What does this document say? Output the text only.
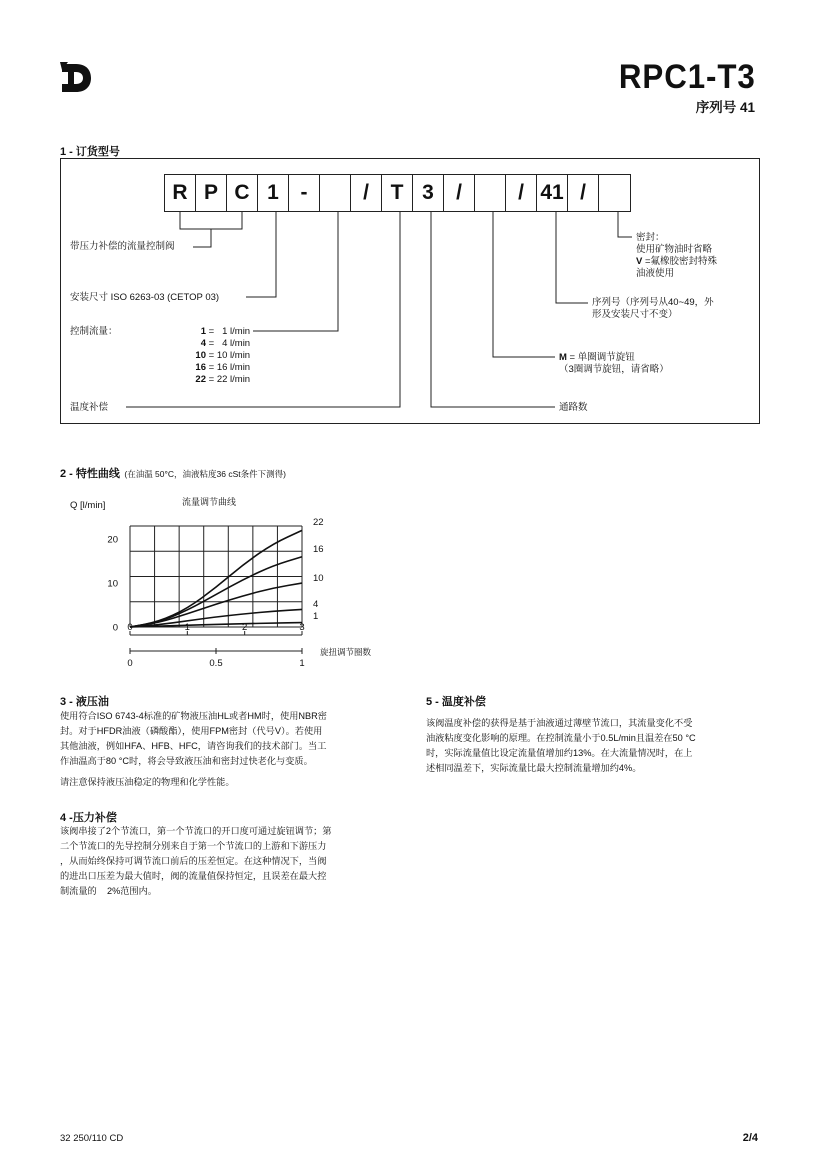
RPC1-T3
序列号 41
1 - 订货型号
R P C 1	-	/	T 3	/	/ 41 /
带压力补偿的流量控制阀
安装尺寸 ISO 6263-03 (CETOP 03)
控制流量：
温度补偿
1 =   1 l/min
4 =   4 l/min
10 = 10 l/min
16 = 16 l/min
22 = 22 l/min
密封：
使用矿物油时省略
V =氟橡胶密封特殊
油液使用
序列号（序列号从40~49，外
形及安装尺寸不变）
M = 单圈调节旋钮
（3圈调节旋钮，请省略）
通路数
2 - 特性曲线 (在油温 50°C，油液粘度36 cSt条件下测得)
流量调节曲线
Q [l/min]
0
10
20
0	1	2	3
0	0.5	1
旋扭调节圈数
22
16
10
4
1
3 - 液压油
使用符合ISO 6743-4标准的矿物液压油HL或者HM时，使用NBR密
封。对于HFDR油液（磷酸酯），使用FPM密封（代号V）。若使用
其他油液，例如HFA、HFB、HFC，请咨询我们的技术部门。当工
作油温高于80 °C时，将会导致液压油和密封过快老化与变质。
请注意保持液压油稳定的物理和化学性能。
4 -压力补偿
该阀串接了2个节流口，第一个节流口的开口度可通过旋钮调节；第
二个节流口的先导控制分别来自于第一个节流口的上游和下游压力
，从而始终保持可调节流口前后的压差恒定。在这种情况下，当阀
的进出口压差为最大值时，阀的流量值保持恒定，且误差在最大控
制流量的    2%范围内。
5 - 温度补偿
该阀温度补偿的获得是基于油液通过薄壁节流口，其流量变化不受
油液粘度变化影响的原理。在控制流量小于0.5L/min且温差在50 °C
时，实际流量值比设定流量值增加约13%。在大流量情况时，在上
述相同温差下，实际流量比最大控制流量增加约4%。
32 250/110 CD	2/4
